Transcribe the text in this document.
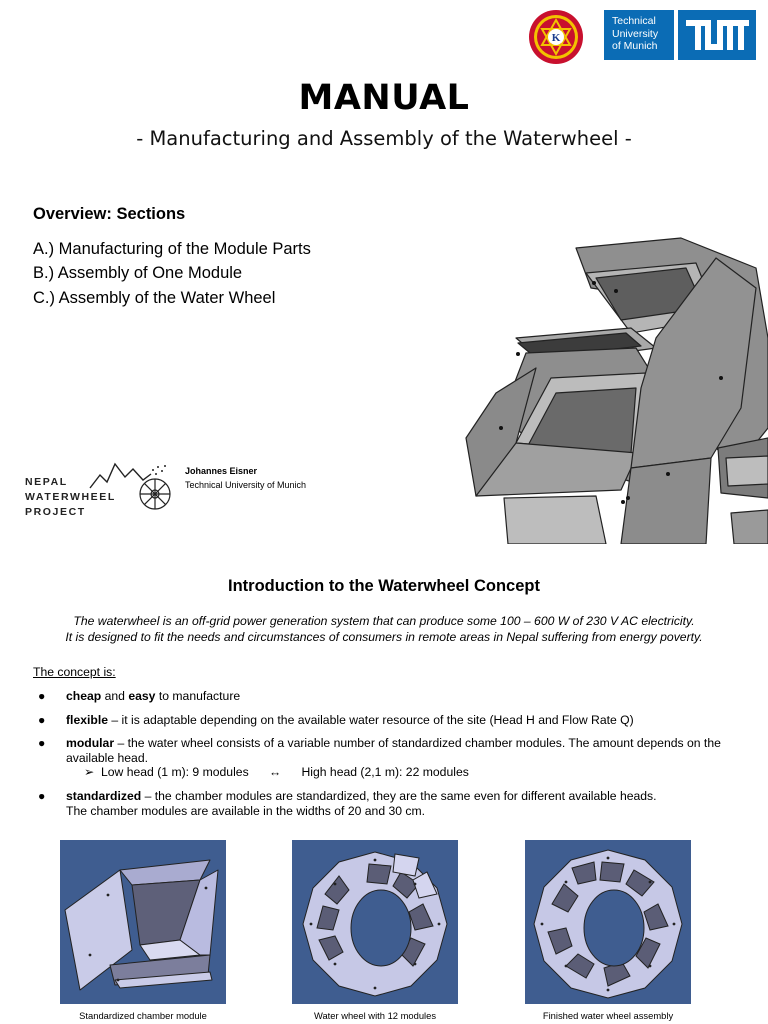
K
Technical
University
of Munich
MANUAL
- Manufacturing and Assembly of the Waterwheel -
Overview: Sections
A.) Manufacturing of the Module Parts
B.) Assembly of One Module
C.) Assembly of the Water Wheel
NEPAL
WATERWHEEL
PROJECT
Johannes Eisner
Technical University of Munich
Introduction to the Waterwheel Concept
The waterwheel is an off-grid power generation system that can produce some 100 – 600 W of 230 V AC electricity.
It is designed to fit the needs and circumstances of consumers in remote areas in Nepal suffering from energy poverty.
The concept is:
● cheap and easy to manufacture
● flexible – it is adaptable depending on the available water resource of the site (Head H and Flow Rate Q)
● modular – the water wheel consists of a variable number of standardized chamber modules. The amount depends on the available head.
➢  Low head (1 m): 9 modules      ↔      High head (2,1 m): 22 modules
● standardized – the chamber modules are standardized, they are the same even for different available heads.
The chamber modules are available in the widths of 20 and 30 cm.
Standardized chamber module	Water wheel with 12 modules	Finished water wheel assembly
